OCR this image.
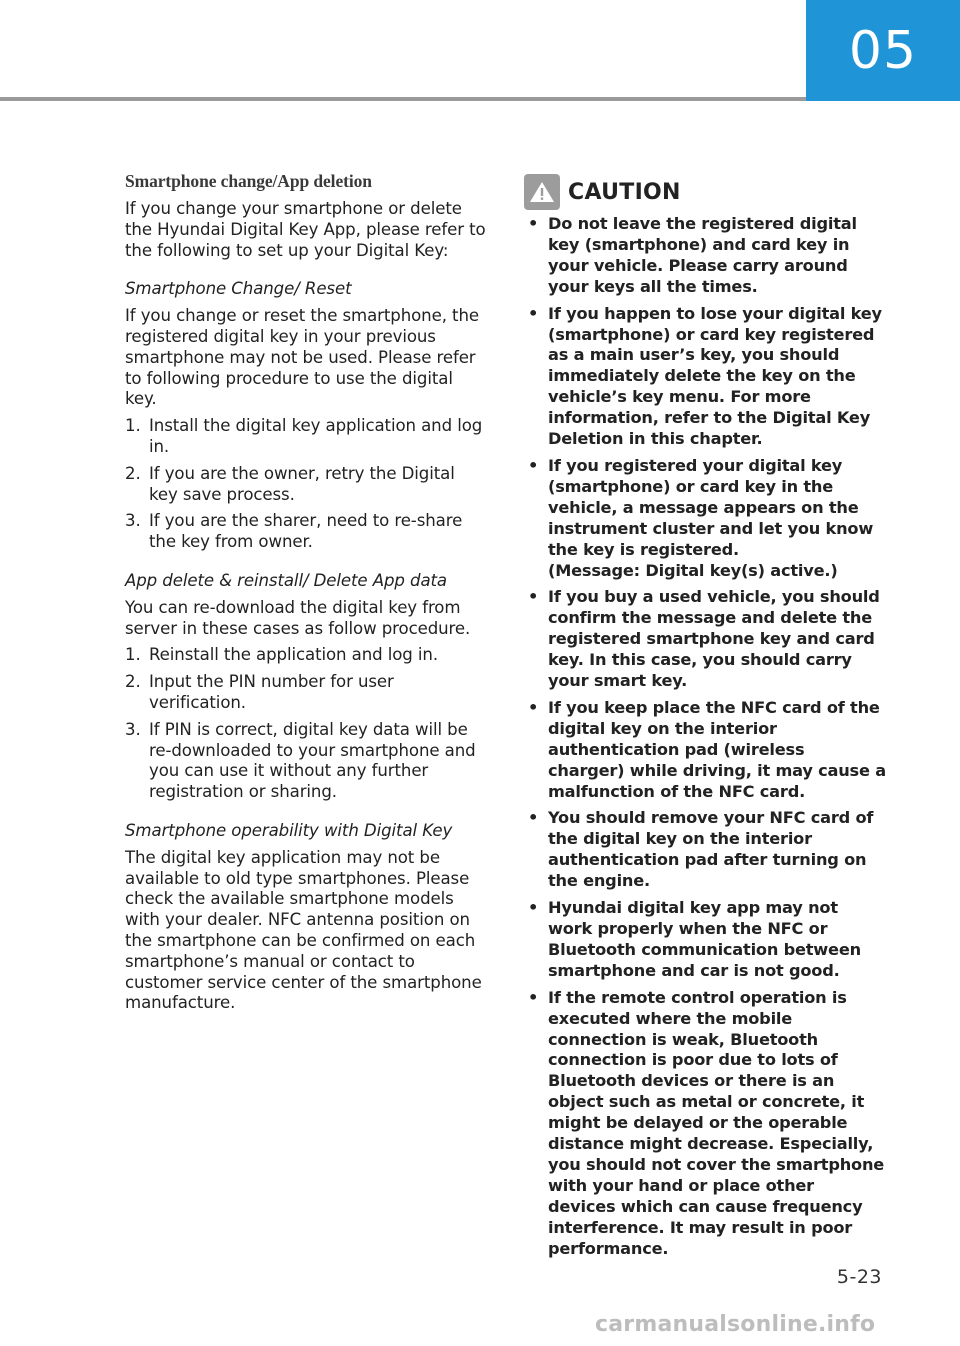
05
Smartphone change/App deletion

If you change your smartphone or delete the Hyundai Digital Key App, please refer to the following to set up your Digital Key:

Smartphone Change/ Reset

If you change or reset the smartphone, the registered digital key in your previous smartphone may not be used. Please refer to following procedure to use the digital key.

1. Install the digital key application and log in.
2. If you are the owner, retry the Digital key save process.
3. If you are the sharer, need to re-share the key from owner.
App delete & reinstall/ Delete App data

You can re-download the digital key from server in these cases as follow procedure.

1. Reinstall the application and log in.
2. Input the PIN number for user verification.
3. If PIN is correct, digital key data will be re-downloaded to your smartphone and you can use it without any further registration or sharing.
Smartphone operability with Digital Key

The digital key application may not be available to old type smartphones. Please check the available smartphone models with your dealer. NFC antenna position on the smartphone can be confirmed on each smartphone’s manual or contact to customer service center of the smartphone manufacture.

CAUTION
• Do not leave the registered digital key (smartphone) and card key in your vehicle. Please carry around your keys all the times.
• If you happen to lose your digital key (smartphone) or card key registered as a main user’s key, you should immediately delete the key on the vehicle’s key menu. For more information, refer to the Digital Key Deletion in this chapter.
• If you registered your digital key (smartphone) or card key in the vehicle, a message appears on the instrument cluster and let you know the key is registered.
(Message: Digital key(s) active.)
• If you buy a used vehicle, you should confirm the message and delete the registered smartphone key and card key. In this case, you should carry your smart key.
• If you keep place the NFC card of the digital key on the interior authentication pad (wireless charger) while driving, it may cause a malfunction of the NFC card.
• You should remove your NFC card of the digital key on the interior authentication pad after turning on the engine.
• Hyundai digital key app may not work properly when the NFC or Bluetooth communication between smartphone and car is not good.
• If the remote control operation is executed where the mobile connection is weak, Bluetooth connection is poor due to lots of Bluetooth devices or there is an object such as metal or concrete, it might be delayed or the operable distance might decrease. Especially, you should not cover the smartphone with your hand or place other devices which can cause frequency interference. It may result in poor performance.
5-23
carmanualsonline.info
